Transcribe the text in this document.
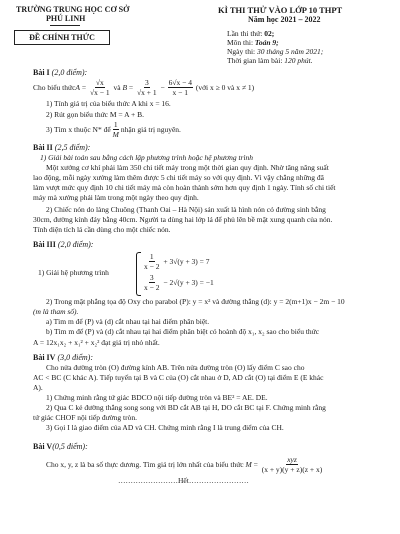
TRƯỜNG TRUNG HỌC CƠ SỞ
PHÚ LINH
ĐỀ CHÍNH THỨC
KÌ THI THỬ VÀO LỚP 10 THPT
Năm học 2021 – 2022
Lần thi thứ: 02;
Môn thi: Toán 9;
Ngày thi: 30 tháng 5 năm 2021;
Thời gian làm bài: 120 phút.
Bài I (2,0 điểm):
Cho biểu thức $A = \frac{√x}{√x - 1}$ và $B = \frac{3}{√x + 1} - \frac{6√x - 4}{x - 1}$
(với x ≥ 0 và x ≠ 1)
1) Tính giá trị của biểu thức A khi x = 16.
2) Rút gọn biểu thức M = A + B.
3) Tìm x thuộc N* để $\frac{1}{M}$ nhận giá trị nguyên.
Bài II (2,5 điểm):
1) Giải bài toán sau bằng cách lập phương trình hoặc hệ phương trình
Một xưởng cơ khí phải làm 350 chi tiết máy trong một thời gian quy định. Nhờ tăng năng suất
lao động, mỗi ngày xưởng làm thêm được 5 chi tiết máy so với quy định. Vì vậy chẳng những đã
làm vượt mức quy định 10 chi tiết máy mà còn hoàn thành sớm hơn quy định 1 ngày. Tính số chi tiết
máy mà xưởng phải làm trong một ngày theo quy định.
2) Chiếc nón do làng Chuông (Thanh Oai – Hà Nội) sản xuất là hình nón có đường sinh bằng
30cm, đường kính đáy bằng 40cm. Người ta dùng hai lớp lá để phủ lên bề mặt xung quanh của nón.
Tính diện tích lá cần dùng cho một chiếc nón.
Bài III (2,0 điểm):
1) Giải hệ phương trình
$\frac{1}{x - 2} + 3√(y + 3) = 7$
$\frac{3}{x - 2} - 2√(y + 3) = -1$
2) Trong mặt phẳng tọa độ Oxy cho parabol (P): y = x² và đường thẳng (d): y = 2(m+1)x − 2m − 10
(m là tham số).
a) Tìm m để (P) và (d) cắt nhau tại hai điểm phân biệt.
b) Tìm m để (P) và (d) cắt nhau tại hai điểm phân biệt có hoành độ x₁, x₂ sao cho biểu thức
A = 12x₁x₂ + x₁² + x₂² đạt giá trị nhỏ nhất.
Bài IV (3,0 điểm):
Cho nửa đường tròn (O) đường kính AB. Trên nửa đường tròn (O) lấy điểm C sao cho
AC < BC (C khác A). Tiếp tuyến tại B và C của (O) cắt nhau ở D, AD cắt (O) tại điểm E (E khác
A).
1) Chứng minh rằng tứ giác BDCO nội tiếp đường tròn và BE² = AE. DE.
2) Qua C kẻ đường thẳng song song với BD cắt AB tại H, DO cắt BC tại F. Chứng minh rằng
tứ giác CHOF nội tiếp đường tròn.
3) Gọi I là giao điểm của AD và CH. Chứng minh rằng I là trung điểm của CH.
Bài V(0,5 điểm):
Cho x, y, z là ba số thực dương. Tìm giá trị lớn nhất của biểu thức
$M = \frac{\text{xyz}}{(x + y)(y + z)(z + x)}$
……………………Hết……………………
